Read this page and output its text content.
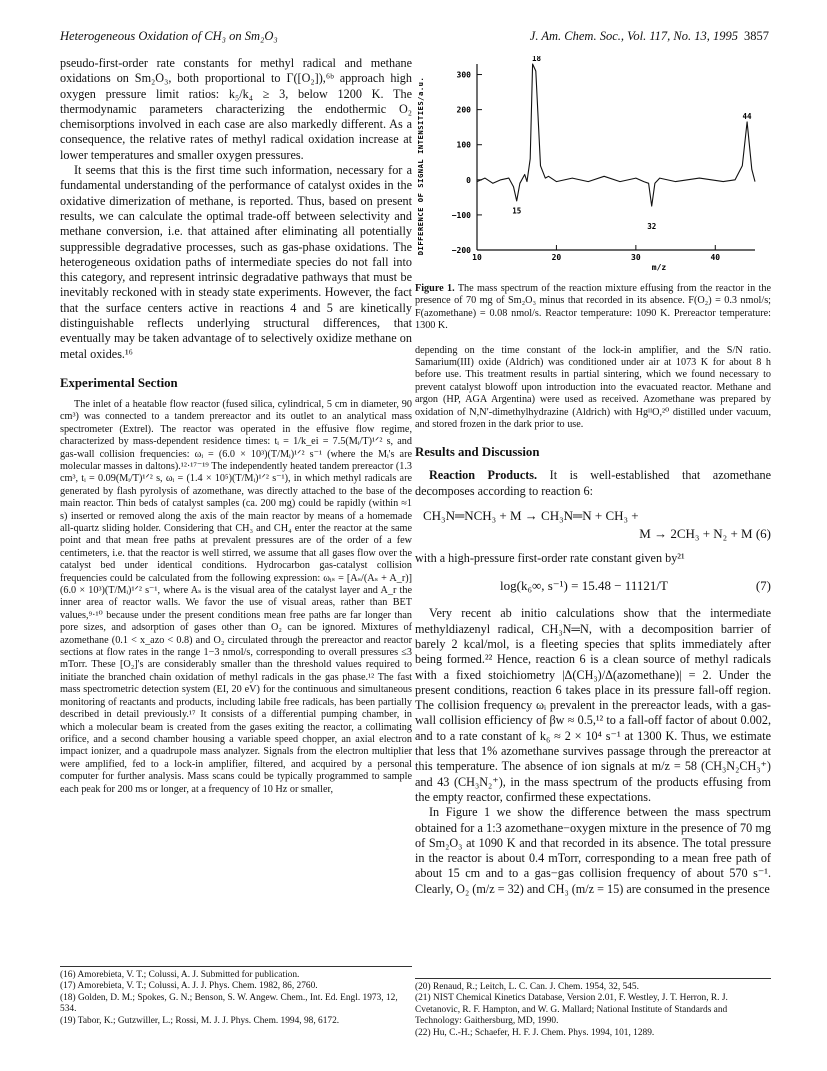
Heterogeneous Oxidation of CH₃ on Sm₂O₃	J. Am. Chem. Soc., Vol. 117, No. 13, 1995 3857

pseudo-first-order rate constants for methyl radical and methane oxidations on Sm₂O₃, both proportional to Γ([O₂]),⁶ᵇ approach high oxygen pressure limit ratios: k₅/k₄ ≥ 3, below 1200 K. The thermodynamic parameters characterizing the endothermic O₂ chemisorptions involved in each case are also markedly different. As a consequence, the relative rates of methyl radical oxidation increase at lower temperatures and smaller oxygen pressures.

It seems that this is the first time such information, necessary for a fundamental understanding of the performance of catalyst oxides in the oxidative dimerization of methane, is reported. Thus, based on present results, we can calculate the optimal trade-off between selectivity and methane conversion, i.e. that attained after eliminating all potentially suppressible degradative processes, such as gas-phase oxidations. The heterogeneous oxidation paths of intermediate species do not fall into this category, and represent intrinsic degradative pathways that must be inevitably reckoned with in steady state experiments. However, the fact that the surface centers active in reactions 4 and 5 are kinetically distinguishable reflects underlying structural differences, that eventually may be taken advantage of to selectively oxidize methane on metal oxides.¹⁶

Experimental Section

The inlet of a heatable flow reactor (fused silica, cylindrical, 5 cm in diameter, 90 cm³) was connected to a tandem prereactor and its outlet to an analytical mass spectrometer (Extrel). The reactor was operated in the effusive flow regime, characterized by mass-dependent residence times: tᵢ = 1/k_ei = 7.5(Mᵢ/T)¹ᐟ² s, and gas-wall collision frequencies: ωᵢ = (6.0 × 10³)(T/Mᵢ)¹ᐟ² s⁻¹ (where the Mᵢ's are molecular masses in daltons).¹²·¹⁷⁻¹⁹ The independently heated tandem prereactor (1.3 cm³, tᵢ = 0.09(Mᵢ/T)¹ᐟ² s, ωᵢ = (1.4 × 10⁵)(T/Mᵢ)¹ᐟ² s⁻¹), in which methyl radicals are generated by flash pyrolysis of azomethane, was directly attached to the base of the main reactor. Thin beds of catalyst samples (ca. 200 mg) could be rapidly (within ≈1 s) inserted or removed along the axis of the main reactor by means of a homemade all-quartz sliding holder. Considering that CH₃ and CH₄ enter the reactor at the same point and that mean free paths at prevalent pressures are of the order of a few centimeters, i.e. that the reactor is well stirred, we assume that all gases flow over the catalyst bed under identical conditions. Hydrocarbon gas-catalyst collision frequencies could be calculated from the following expression: ωᵢₛ = [Aₛ/(Aₛ + A_r)](6.0 × 10³)(T/Mᵢ)¹ᐟ² s⁻¹, where Aₛ is the visual area of the catalyst layer and A_r the inner area of reactor walls. We favor the use of visual areas, rather than BET values,⁹·¹⁰ because under the present conditions mean free paths are far longer than pore sizes, and adsorption of gases other than O₂ can be ignored. Mixtures of azomethane (0.1 < x_azo < 0.8) and O₂ circulated through the prereactor and reactor sections at flow rates in the range 1−3 nmol/s, corresponding to overall pressures ≤3 mTorr. These [O₂]'s are considerably smaller than the threshold values required to initiate the branched chain oxidation of methyl radicals in the gas phase.¹² The fast mass spectrometric detection system (EI, 20 eV) for the continuous and simultaneous monitoring of reactants and products, including labile free radicals, has been partially described in detail previously.¹⁷ It consists of a differential pumping chamber, in which a molecular beam is created from the gases exiting the reactor, a collimating orifice, and a second chamber housing a variable speed chopper, an axial electron impact ionizer, and a quadrupole mass analyzer. Signals from the electron multiplier were amplified, fed to a lock-in amplifier, filtered, and acquired by a personal computer for further analysis. Mass scans could be typically programmed to sample each peak for 200 ms or longer, at a frequency of 10 Hz or smaller,

(16) Amorebieta, V. T.; Colussi, A. J. Submitted for publication.
(17) Amorebieta, V. T.; Colussi, A. J. J. Phys. Chem. 1982, 86, 2760.
(18) Golden, D. M.; Spokes, G. N.; Benson, S. W. Angew. Chem., Int. Ed. Engl. 1973, 12, 534.
(19) Tabor, K.; Gutzwiller, L.; Rossi, M. J. J. Phys. Chem. 1994, 98, 6172.
DIFFERENCE OF SIGNAL INTENSITIES/a.u.
m/z
−200
−100
0
100
200
300
10	20	30	40
18
44
15
32

Figure 1. The mass spectrum of the reaction mixture effusing from the reactor in the presence of 70 mg of Sm₂O₃ minus that recorded in its absence. F(O₂) = 0.3 nmol/s; F(azomethane) = 0.08 nmol/s. Reactor temperature: 1090 K. Prereactor temperature: 1300 K.

depending on the time constant of the lock-in amplifier, and the S/N ratio. Samarium(III) oxide (Aldrich) was conditioned under air at 1073 K for about 8 h before use. This treatment results in partial sintering, which we found necessary to prevent catalyst blowoff upon introduction into the evacuated reactor. Methane and argon (HP, AGA Argentina) were used as received. Azomethane was prepared by oxidation of N,N′-dimethylhydrazine (Aldrich) with HgᴵᴵO,²⁰ distilled under vacuum, and stored frozen in the dark prior to use.

Results and Discussion

Reaction Products. It is well-established that azomethane decomposes according to reaction 6:

CH₃N═NCH₃ + M → CH₃N═N + CH₃ +
M → 2CH₃ + N₂ + M (6)

with a high-pressure first-order rate constant given by²¹

log(k₆∞, s⁻¹) = 15.48 − 11121/T	(7)

Very recent ab initio calculations show that the intermediate methyldiazenyl radical, CH₃N═N, with a decomposition barrier of barely 2 kcal/mol, is a fleeting species that splits immediately after being formed.²² Hence, reaction 6 is a clean source of methyl radicals with a fixed stoichiometry |Δ(CH₃)/Δ(azomethane)| = 2. Under the present conditions, reaction 6 takes place in its pressure fall-off region. The collision frequency ωᵢ prevalent in the prereactor leads, with a gas-wall collision efficiency of βw ≈ 0.5,¹² to a fall-off factor of about 0.002, and to a rate constant of k₆ ≈ 2 × 10⁴ s⁻¹ at 1300 K. Thus, we estimate that less that 1% azomethane survives passage through the prereactor at this temperature. The absence of ion signals at m/z = 58 (CH₃N₂CH₃⁺) and 43 (CH₃N₂⁺), in the mass spectrum of the products effusing from the empty reactor, confirmed these expectations.

In Figure 1 we show the difference between the mass spectrum obtained for a 1:3 azomethane−oxygen mixture in the presence of 70 mg of Sm₂O₃ at 1090 K and that recorded in its absence. The total pressure in the reactor is about 0.4 mTorr, corresponding to a mean free path of about 15 cm and to a gas−gas collision frequency of about 570 s⁻¹. Clearly, O₂ (m/z = 32) and CH₃ (m/z = 15) are consumed in the presence

(20) Renaud, R.; Leitch, L. C. Can. J. Chem. 1954, 32, 545.
(21) NIST Chemical Kinetics Database, Version 2.01, F. Westley, J. T. Herron, R. J. Cvetanovic, R. F. Hampton, and W. G. Mallard; National Institute of Standards and Technology: Gaithersburg, MD, 1990.
(22) Hu, C.-H.; Schaefer, H. F. J. Chem. Phys. 1994, 101, 1289.
